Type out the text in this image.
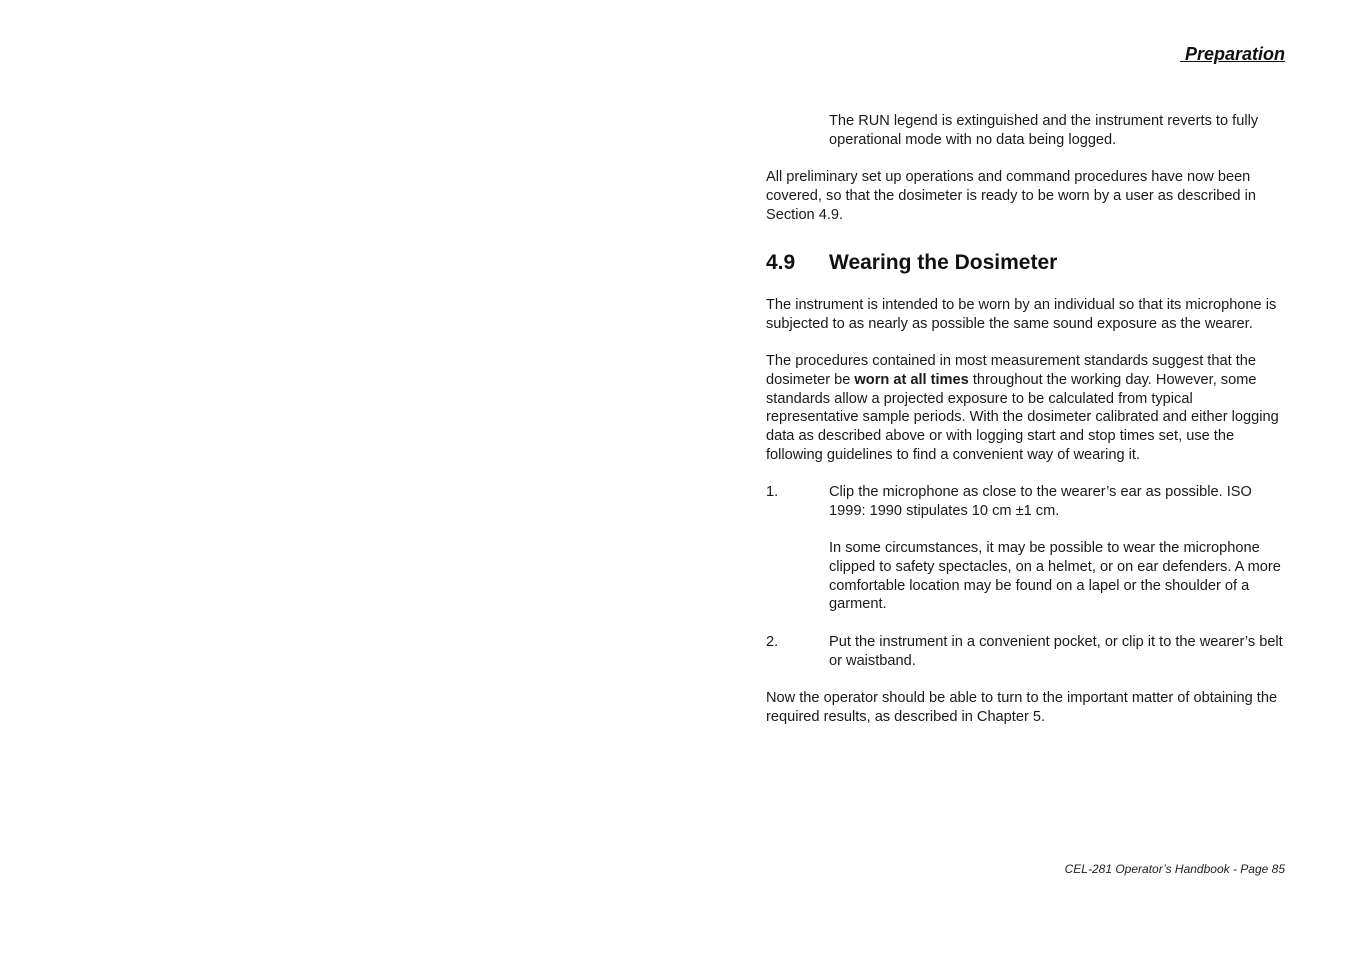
Preparation

The RUN legend is extinguished and the instrument reverts to fully operational mode with no data being logged.

All preliminary set up operations and command procedures have now been covered, so that the dosimeter is ready to be worn by a user as described in Section 4.9.

4.9	Wearing the Dosimeter

The instrument is intended to be worn by an individual so that its microphone is subjected to as nearly as possible the same sound exposure as the wearer.

The procedures contained in most measurement standards suggest that the dosimeter be worn at all times throughout the working day. However, some standards allow a projected exposure to be calculated from typical representative sample periods. With the dosimeter calibrated and either logging data as described above or with logging start and stop times set, use the following guidelines to find a convenient way of wearing it.

1.	Clip the microphone as close to the wearer’s ear as possible. ISO 1999: 1990 stipulates 10 cm ±1 cm.

In some circumstances, it may be possible to wear the microphone clipped to safety spectacles, on a helmet, or on ear defenders. A more comfortable location may be found on a lapel or the shoulder of a garment.

2.	Put the instrument in a convenient pocket, or clip it to the wearer’s belt or waistband.

Now the operator should be able to turn to the important matter of obtaining the required results, as described in Chapter 5.

CEL-281 Operator’s Handbook - Page 85
